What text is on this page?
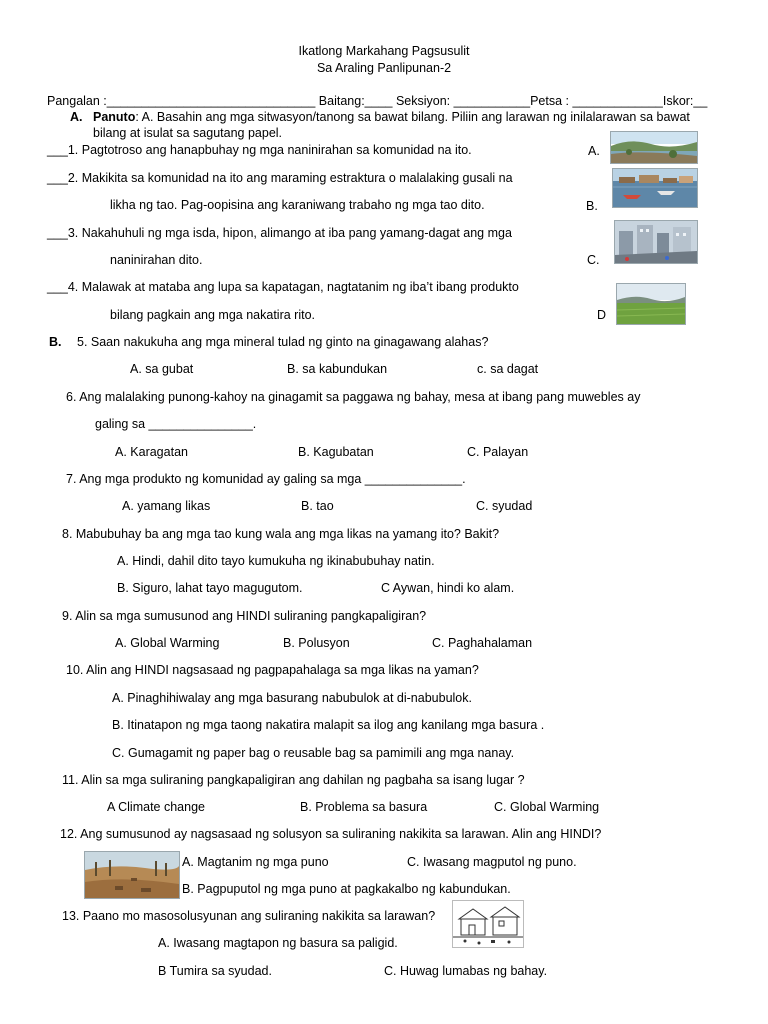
Ikatlong Markahang Pagsusulit
Sa Araling Panlipunan-2
Pangalan :______________________________ Baitang:____ Seksiyon: ___________Petsa : _____________Iskor:__
A. Panuto: A. Basahin ang mga sitwasyon/tanong sa bawat bilang. Piliin ang larawan ng inilalarawan sa bawat
bilang at isulat sa sagutang papel.
___1. Pagtotroso ang hanapbuhay ng mga naninirahan sa komunidad na ito.
___2. Makikita sa komunidad na ito ang maraming estraktura o malalaking gusali na
likha ng tao. Pag-oopisina ang karaniwang trabaho ng mga tao dito.
___3. Nakahuhuli ng mga isda, hipon, alimango at iba pang yamang-dagat ang mga
naninirahan dito.
___4. Malawak at mataba ang lupa sa kapatagan, nagtatanim ng iba’t ibang produkto
bilang pagkain ang mga nakatira rito.
A.
B.
C.
D
B. 5. Saan nakukuha ang mga mineral tulad ng ginto na ginagawang alahas?
A. sa gubat	B. sa kabundukan	c. sa dagat
6. Ang malalaking punong-kahoy na ginagamit sa paggawa ng bahay, mesa at ibang pang muwebles ay
galing sa _______________.
A. Karagatan	B. Kagubatan	C. Palayan
7. Ang mga produkto ng komunidad ay galing sa mga ______________.
A. yamang likas	B. tao	C. syudad
8. Mabubuhay ba ang mga tao kung wala ang mga likas na yamang ito? Bakit?
A. Hindi, dahil dito tayo kumukuha ng ikinabubuhay natin.
B. Siguro, lahat tayo magugutom.	C Aywan, hindi ko alam.
9. Alin sa mga sumusunod ang HINDI suliraning pangkapaligiran?
A. Global Warming	B. Polusyon	C. Paghahalaman
10. Alin ang HINDI nagsasaad ng pagpapahalaga sa mga likas na yaman?
A. Pinaghihiwalay ang mga basurang nabubulok at di-nabubulok.
B. Itinatapon ng mga taong nakatira malapit sa ilog ang kanilang mga basura .
C. Gumagamit ng paper bag o reusable bag sa pamimili ang mga nanay.
11. Alin sa mga suliraning pangkapaligiran ang dahilan ng pagbaha sa isang lugar ?
A Climate change	B. Problema sa basura	C. Global Warming
12. Ang sumusunod ay nagsasaad ng solusyon sa suliraning nakikita sa larawan. Alin ang HINDI?
A. Magtanim ng mga puno	C. Iwasang magputol ng puno.
B. Pagpuputol ng mga puno at pagkakalbo ng kabundukan.
13. Paano mo masosolusyunan ang suliraning nakikita sa larawan?
A. Iwasang magtapon ng basura sa paligid.
B Tumira sa syudad.	C. Huwag lumabas ng bahay.
